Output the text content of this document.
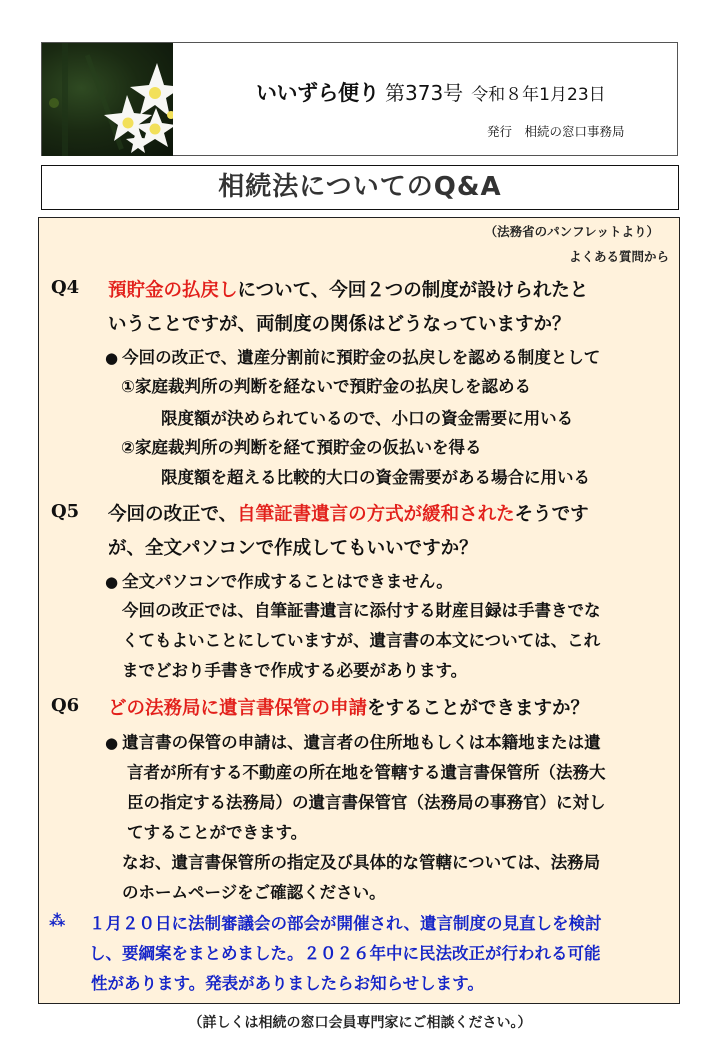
いいずら便り 第373号 令和８年1月23日
発行　相続の窓口事務局
相続法についてのQ&A
（法務省のパンフレットより）
よくある質問から
Q4 預貯金の払戻しについて、今回２つの制度が設けられたと
いうことですが、両制度の関係はどうなっていますか？
● 今回の改正で、遺産分割前に預貯金の払戻しを認める制度として
①家庭裁判所の判断を経ないで預貯金の払戻しを認める
限度額が決められているので、小口の資金需要に用いる
②家庭裁判所の判断を経て預貯金の仮払いを得る
限度額を超える比較的大口の資金需要がある場合に用いる
Q5 今回の改正で、自筆証書遺言の方式が緩和されたそうです
が、全文パソコンで作成してもいいですか？
● 全文パソコンで作成することはできません。
今回の改正では、自筆証書遺言に添付する財産目録は手書きでな
くてもよいことにしていますが、遺言書の本文については、これ
までどおり手書きで作成する必要があります。
Q6 どの法務局に遺言書保管の申請をすることができますか？
● 遺言書の保管の申請は、遺言者の住所地もしくは本籍地または遺
言者が所有する不動産の所在地を管轄する遺言書保管所（法務大
臣の指定する法務局）の遺言書保管官（法務局の事務官）に対し
てすることができます。
なお、遺言書保管所の指定及び具体的な管轄については、法務局
のホームページをご確認ください。
⁂ １月２０日に法制審議会の部会が開催され、遺言制度の見直しを検討
し、要綱案をまとめました。２０２６年中に民法改正が行われる可能
性があります。発表がありましたらお知らせします。
（詳しくは相続の窓口会員専門家にご相談ください。）
